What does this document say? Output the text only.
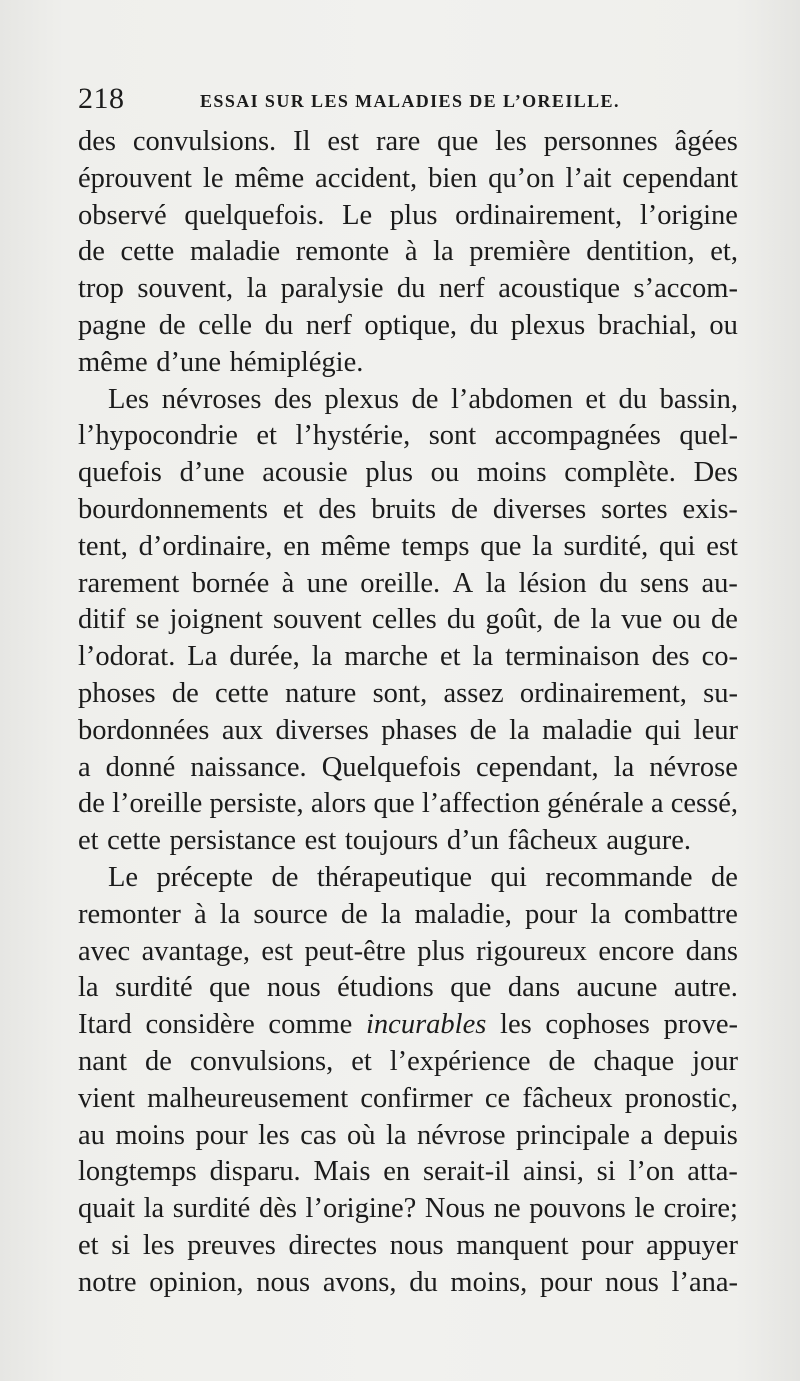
218	ESSAI SUR LES MALADIES DE L’OREILLE.
des convulsions. Il est rare que les personnes âgées
éprouvent le même accident, bien qu’on l’ait cependant
observé quelquefois. Le plus ordinairement, l’origine
de cette maladie remonte à la première dentition, et,
trop souvent, la paralysie du nerf acoustique s’accom-
pagne de celle du nerf optique, du plexus brachial, ou
même d’une hémiplégie.
Les névroses des plexus de l’abdomen et du bassin,
l’hypocondrie et l’hystérie, sont accompagnées quel-
quefois d’une acousie plus ou moins complète. Des
bourdonnements et des bruits de diverses sortes exis-
tent, d’ordinaire, en même temps que la surdité, qui est
rarement bornée à une oreille. A la lésion du sens au-
ditif se joignent souvent celles du goût, de la vue ou de
l’odorat. La durée, la marche et la terminaison des co-
phoses de cette nature sont, assez ordinairement, su-
bordonnées aux diverses phases de la maladie qui leur
a donné naissance. Quelquefois cependant, la névrose
de l’oreille persiste, alors que l’affection générale a cessé,
et cette persistance est toujours d’un fâcheux augure.
Le précepte de thérapeutique qui recommande de
remonter à la source de la maladie, pour la combattre
avec avantage, est peut-être plus rigoureux encore dans
la surdité que nous étudions que dans aucune autre.
Itard considère comme incurables les cophoses prove-
nant de convulsions, et l’expérience de chaque jour
vient malheureusement confirmer ce fâcheux pronostic,
au moins pour les cas où la névrose principale a depuis
longtemps disparu. Mais en serait-il ainsi, si l’on atta-
quait la surdité dès l’origine? Nous ne pouvons le croire;
et si les preuves directes nous manquent pour appuyer
notre opinion, nous avons, du moins, pour nous l’ana-
